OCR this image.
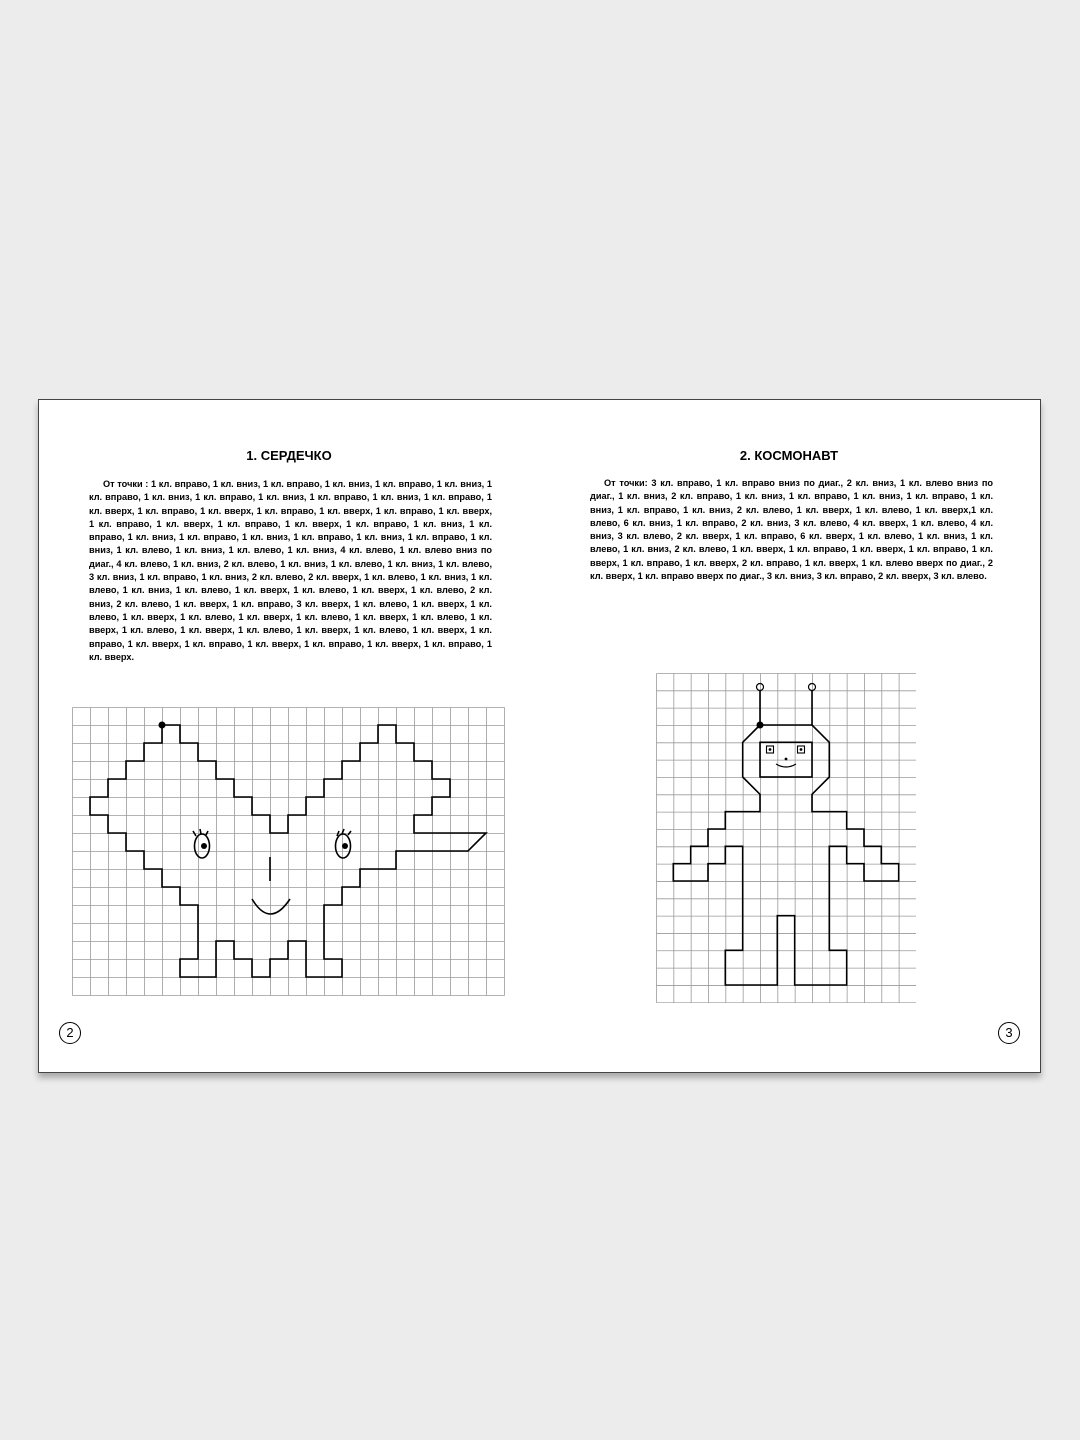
1. СЕРДЕЧКО

От точки : 1 кл. вправо, 1 кл. вниз, 1 кл. вправо, 1 кл. вниз, 1 кл. вправо, 1 кл. вниз, 1 кл. вправо, 1 кл. вниз, 1 кл. вправо, 1 кл. вниз, 1 кл. вправо, 1 кл. вниз, 1 кл. вправо, 1 кл. вверх, 1 кл. вправо, 1 кл. вверх, 1 кл. вправо, 1 кл. вверх, 1 кл. вправо, 1 кл. вверх, 1 кл. вправо, 1 кл. вверх, 1 кл. вправо, 1 кл. вверх, 1 кл. вправо, 1 кл. вниз, 1 кл. вправо, 1 кл. вниз, 1 кл. вправо, 1 кл. вниз, 1 кл. вправо, 1 кл. вниз, 1 кл. вправо, 1 кл. вниз, 1 кл. влево, 1 кл. вниз, 1 кл. влево, 1 кл. вниз, 4 кл. влево, 1 кл. влево вниз по диаг., 4 кл. влево, 1 кл. вниз, 2 кл. влево, 1 кл. вниз, 1 кл. влево, 1 кл. вниз, 1 кл. влево, 3 кл. вниз, 1 кл. вправо, 1 кл. вниз, 2 кл. влево, 2 кл. вверх, 1 кл. влево, 1 кл. вниз, 1 кл. влево, 1 кл. вниз, 1 кл. влево, 1 кл. вверх, 1 кл. влево, 1 кл. вверх, 1 кл. влево, 2 кл. вниз, 2 кл. влево, 1 кл. вверх, 1 кл. вправо, 3 кл. вверх, 1 кл. влево, 1 кл. вверх, 1 кл. влево, 1 кл. вверх, 1 кл. влево, 1 кл. вверх, 1 кл. влево, 1 кл. вверх, 1 кл. влево, 1 кл. вверх, 1 кл. влево, 1 кл. вверх, 1 кл. влево, 1 кл. вверх, 1 кл. влево, 1 кл. вверх, 1 кл. вправо, 1 кл. вверх, 1 кл. вправо, 1 кл. вверх, 1 кл. вправо, 1 кл. вверх, 1 кл. вправо, 1 кл. вверх.

2
2. КОСМОНАВТ

От точки: 3 кл. вправо, 1 кл. вправо вниз по диаг., 2 кл. вниз, 1 кл. влево вниз по диаг., 1 кл. вниз, 2 кл. вправо, 1 кл. вниз, 1 кл. вправо, 1 кл. вниз, 1 кл. вправо, 1 кл. вниз, 1 кл. вправо, 1 кл. вниз, 2 кл. влево, 1 кл. вверх, 1 кл. влево, 1 кл. вверх,1 кл. влево, 6 кл. вниз, 1 кл. вправо, 2 кл. вниз, 3 кл. влево, 4 кл. вверх, 1 кл. влево, 4 кл. вниз, 3 кл. влево, 2 кл. вверх, 1 кл. вправо, 6 кл. вверх, 1 кл. влево, 1 кл. вниз, 1 кл. влево, 1 кл. вниз, 2 кл. влево, 1 кл. вверх, 1 кл. вправо, 1 кл. вверх, 1 кл. вправо, 1 кл. вверх, 1 кл. вправо, 1 кл. вверх, 2 кл. вправо, 1 кл. вверх, 1 кл. влево вверх по диаг., 2 кл. вверх, 1 кл. вправо вверх по диаг., 3 кл. вниз, 3 кл. вправо, 2 кл. вверх, 3 кл. влево.

3
